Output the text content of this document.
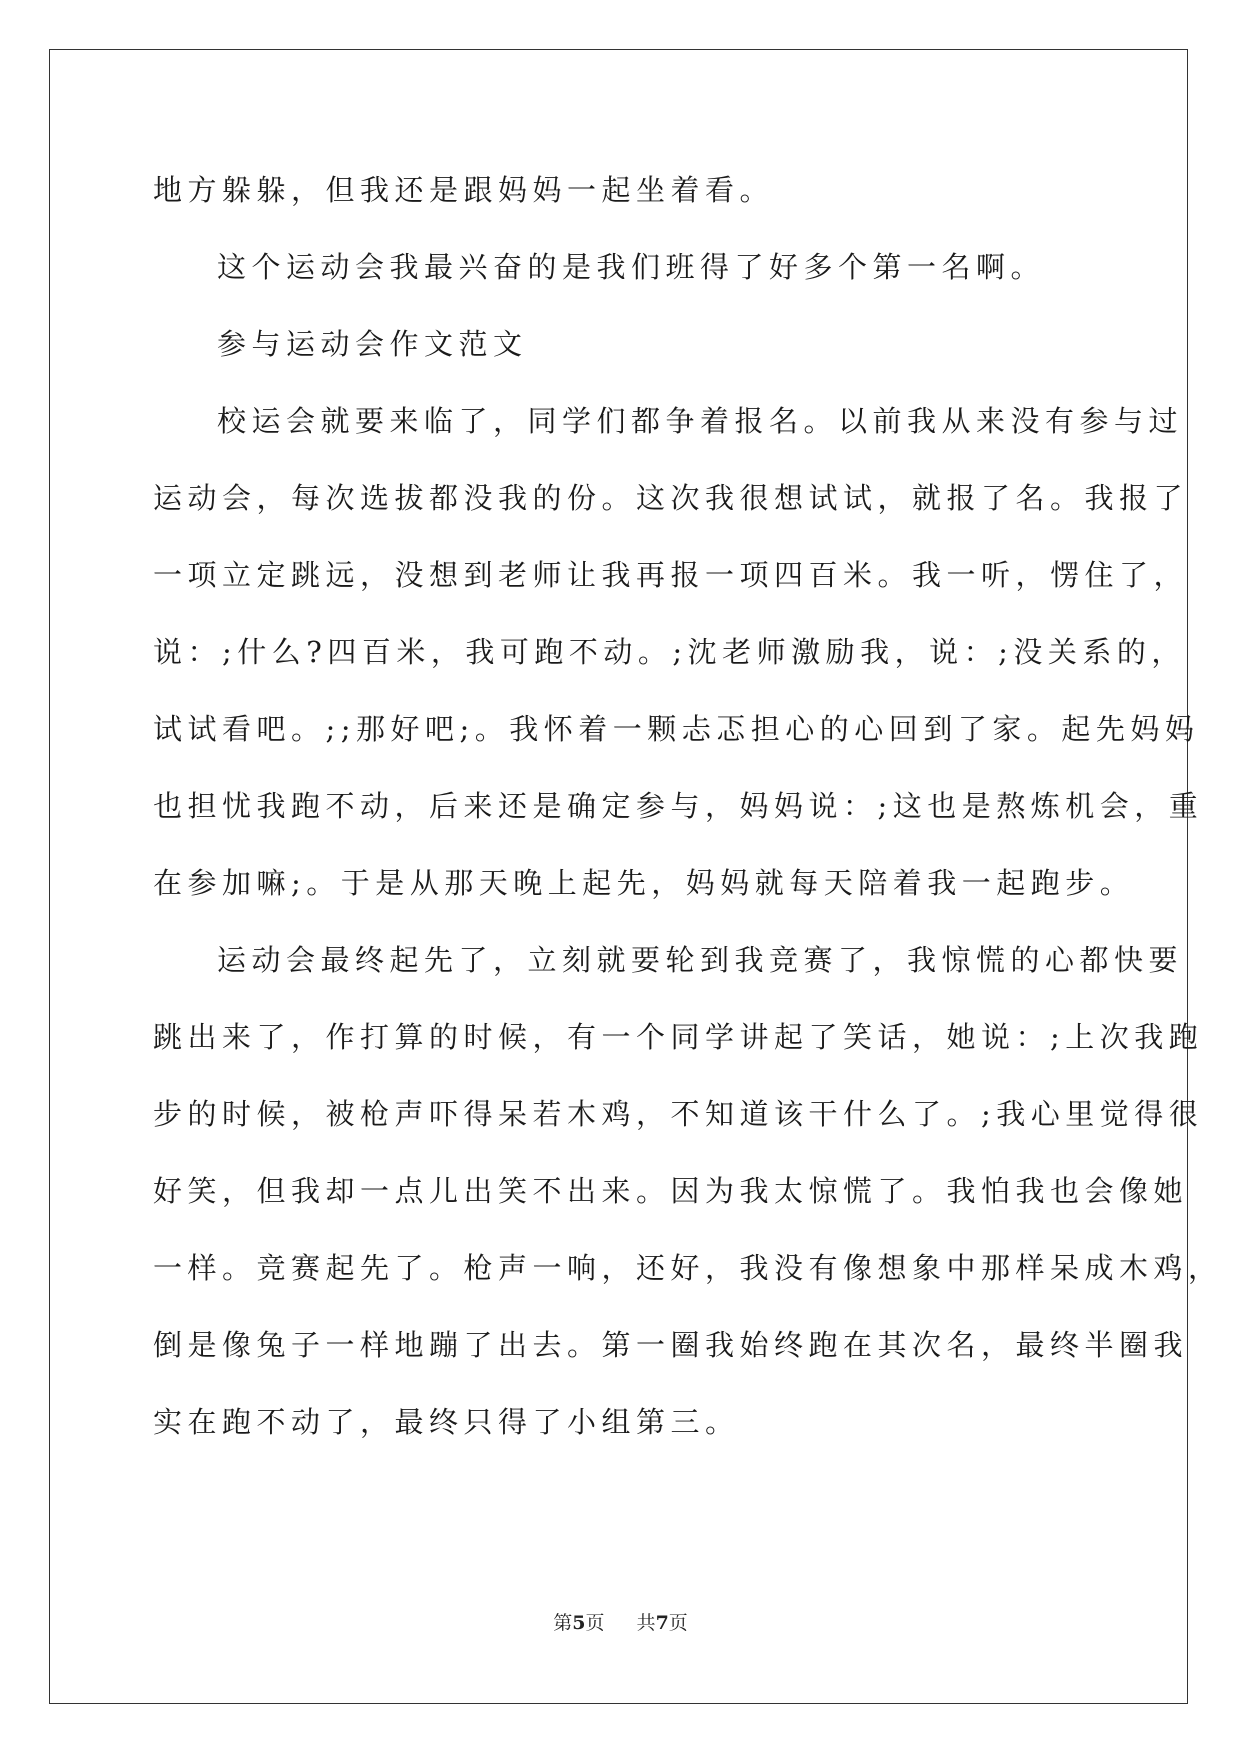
地方躲躲，但我还是跟妈妈一起坐着看。
这个运动会我最兴奋的是我们班得了好多个第一名啊。
参与运动会作文范文
校运会就要来临了，同学们都争着报名。以前我从来没有参与过
运动会，每次选拔都没我的份。这次我很想试试，就报了名。我报了
一项立定跳远，没想到老师让我再报一项四百米。我一听，愣住了，
说：;什么?四百米，我可跑不动。;沈老师激励我，说：;没关系的，
试试看吧。;;那好吧;。我怀着一颗忐忑担心的心回到了家。起先妈妈
也担忧我跑不动，后来还是确定参与，妈妈说：;这也是熬炼机会，重
在参加嘛;。于是从那天晚上起先，妈妈就每天陪着我一起跑步。
运动会最终起先了，立刻就要轮到我竞赛了，我惊慌的心都快要
跳出来了，作打算的时候，有一个同学讲起了笑话，她说：;上次我跑
步的时候，被枪声吓得呆若木鸡，不知道该干什么了。;我心里觉得很
好笑，但我却一点儿出笑不出来。因为我太惊慌了。我怕我也会像她
一样。竞赛起先了。枪声一响，还好，我没有像想象中那样呆成木鸡，
倒是像兔子一样地蹦了出去。第一圈我始终跑在其次名，最终半圈我
实在跑不动了，最终只得了小组第三。
第5页 共7页
